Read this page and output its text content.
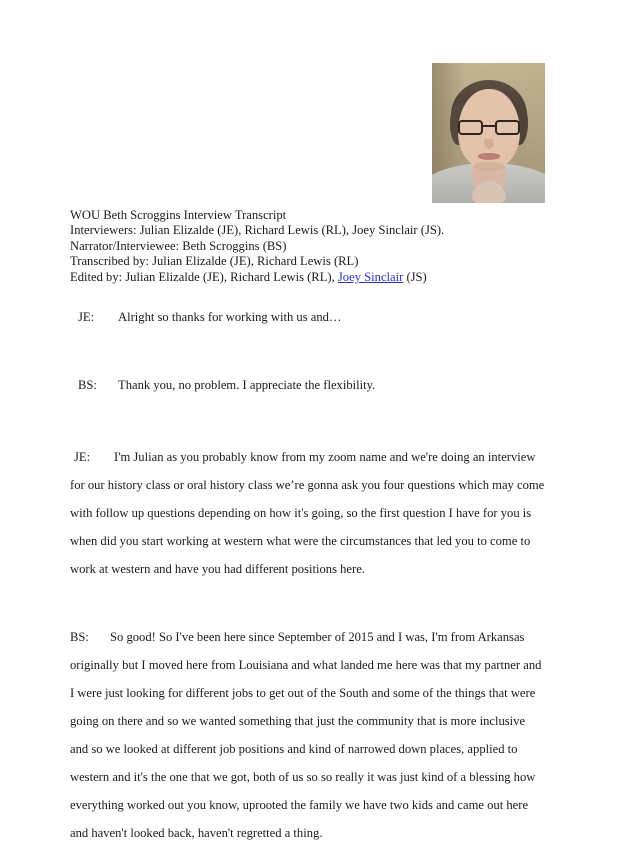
WOU Beth Scroggins Interview Transcript
Interviewers: Julian Elizalde (JE), Richard Lewis (RL), Joey Sinclair (JS).
Narrator/Interviewee: Beth Scroggins (BS)
Transcribed by: Julian Elizalde (JE), Richard Lewis (RL)
Edited by: Julian Elizalde (JE), Richard Lewis (RL), Joey Sinclair (JS)
JE: Alright so thanks for working with us and…
BS: Thank you, no problem. I appreciate the flexibility.
JE: I'm Julian as you probably know from my zoom name and we're doing an interview for our history class or oral history class we’re gonna ask you four questions which may come with follow up questions depending on how it's going, so the first question I have for you is when did you start working at western what were the circumstances that led you to come to work at western and have you had different positions here.
BS: So good! So I've been here since September of 2015 and I was, I'm from Arkansas originally but I moved here from Louisiana and what landed me here was that my partner and I were just looking for different jobs to get out of the South and some of the things that were going on there and so we wanted something that just the community that is more inclusive and so we looked at different job positions and kind of narrowed down places, applied to western and it's the one that we got, both of us so so really it was just kind of a blessing how everything worked out you know, uprooted the family we have two kids and came out here and haven't looked back, haven't regretted a thing.
